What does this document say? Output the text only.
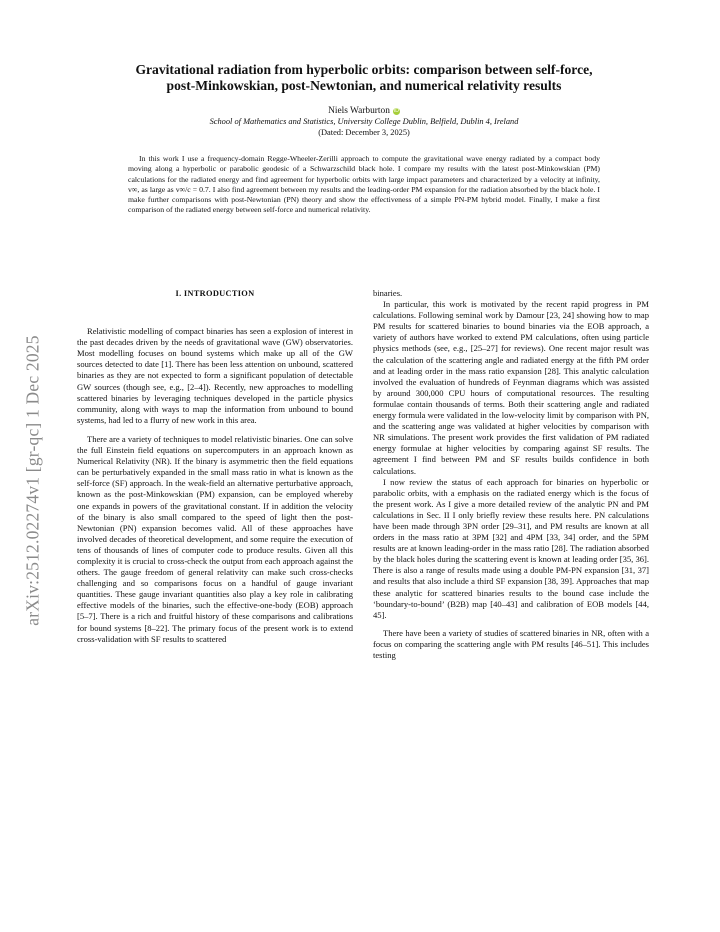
arXiv:2512.02274v1 [gr-qc] 1 Dec 2025
Gravitational radiation from hyperbolic orbits: comparison between self-force,
post-Minkowskian, post-Newtonian, and numerical relativity results
Niels Warburton iD
School of Mathematics and Statistics, University College Dublin, Belfield, Dublin 4, Ireland
(Dated: December 3, 2025)
In this work I use a frequency-domain Regge-Wheeler-Zerilli approach to compute the gravitational wave energy radiated by a compact body moving along a hyperbolic or parabolic geodesic of a Schwarzschild black hole. I compare my results with the latest post-Minkowskian (PM) calculations for the radiated energy and find agreement for hyperbolic orbits with large impact parameters and characterized by a velocity at infinity, v∞, as large as v∞/c = 0.7. I also find agreement between my results and the leading-order PM expansion for the radiation absorbed by the black hole. I make further comparisons with post-Newtonian (PN) theory and show the effectiveness of a simple PN-PM hybrid model. Finally, I make a first comparison of the radiated energy between self-force and numerical relativity.
I. INTRODUCTION

Relativistic modelling of compact binaries has seen a explosion of interest in the past decades driven by the needs of gravitational wave (GW) observatories. Most modelling focuses on bound systems which make up all of the GW sources detected to date [1]. There has been less attention on unbound, scattered binaries as they are not expected to form a significant population of detectable GW sources (though see, e.g., [2–4]). Recently, new approaches to modelling scattered binaries by leveraging techniques developed in the particle physics community, along with ways to map the information from unbound to bound systems, had led to a flurry of new work in this area.

There are a variety of techniques to model relativistic binaries. One can solve the full Einstein field equations on supercomputers in an approach known as Numerical Relativity (NR). If the binary is asymmetric then the field equations can be perturbatively expanded in the small mass ratio in what is known as the self-force (SF) approach. In the weak-field an alternative perturbative approach, known as the post-Minkowskian (PM) expansion, can be employed whereby one expands in powers of the gravitational constant. If in addition the velocity of the binary is also small compared to the speed of light then the post-Newtonian (PN) expansion becomes valid. All of these approaches have involved decades of theoretical development, and some require the execution of tens of thousands of lines of computer code to produce results. Given all this complexity it is crucial to cross-check the output from each approach against the others. The gauge freedom of general relativity can make such cross-checks challenging and so comparisons focus on a handful of gauge invariant quantities. These gauge invariant quantities also play a key role in calibrating effective models of the binaries, such the effective-one-body (EOB) approach [5–7]. There is a rich and fruitful history of these comparisons and calibrations for bound systems [8–22]. The primary focus of the present work is to extend cross-validation with SF results to scattered

binaries.

In particular, this work is motivated by the recent rapid progress in PM calculations. Following seminal work by Damour [23, 24] showing how to map PM results for scattered binaries to bound binaries via the EOB approach, a variety of authors have worked to extend PM calculations, often using particle physics methods (see, e.g., [25–27] for reviews). One recent major result was the calculation of the scattering angle and radiated energy at the fifth PM order and at leading order in the mass ratio expansion [28]. This analytic calculation involved the evaluation of hundreds of Feynman diagrams which was assisted by around 300,000 CPU hours of computational resources. The resulting formulae contain thousands of terms. Both their scattering angle and radiated energy formula were validated in the low-velocity limit by comparison with PN, and the scattering ange was validated at higher velocities by comparison with NR simulations. The present work provides the first validation of PM radiated energy formulae at higher velocities by comparing against SF results. The agreement I find between PM and SF results builds confidence in both calculations.

I now review the status of each approach for binaries on hyperbolic or parabolic orbits, with a emphasis on the radiated energy which is the focus of the present work. As I give a more detailed review of the analytic PN and PM calculations in Sec. II I only briefly review these results here. PN calculations have been made through 3PN order [29–31], and PM results are known at all orders in the mass ratio at 3PM [32] and 4PM [33, 34] order, and the 5PM results are at known leading-order in the mass ratio [28]. The radiation absorbed by the black holes during the scattering event is known at leading order [35, 36]. There is also a range of results made using a double PM-PN expansion [31, 37] and results that also include a third SF expansion [38, 39]. Approaches that map these analytic for scattered binaries results to the bound case include the ‘boundary-to-bound’ (B2B) map [40–43] and calibration of EOB models [44, 45].

There have been a variety of studies of scattered binaries in NR, often with a focus on comparing the scattering angle with PM results [46–51]. This includes testing
